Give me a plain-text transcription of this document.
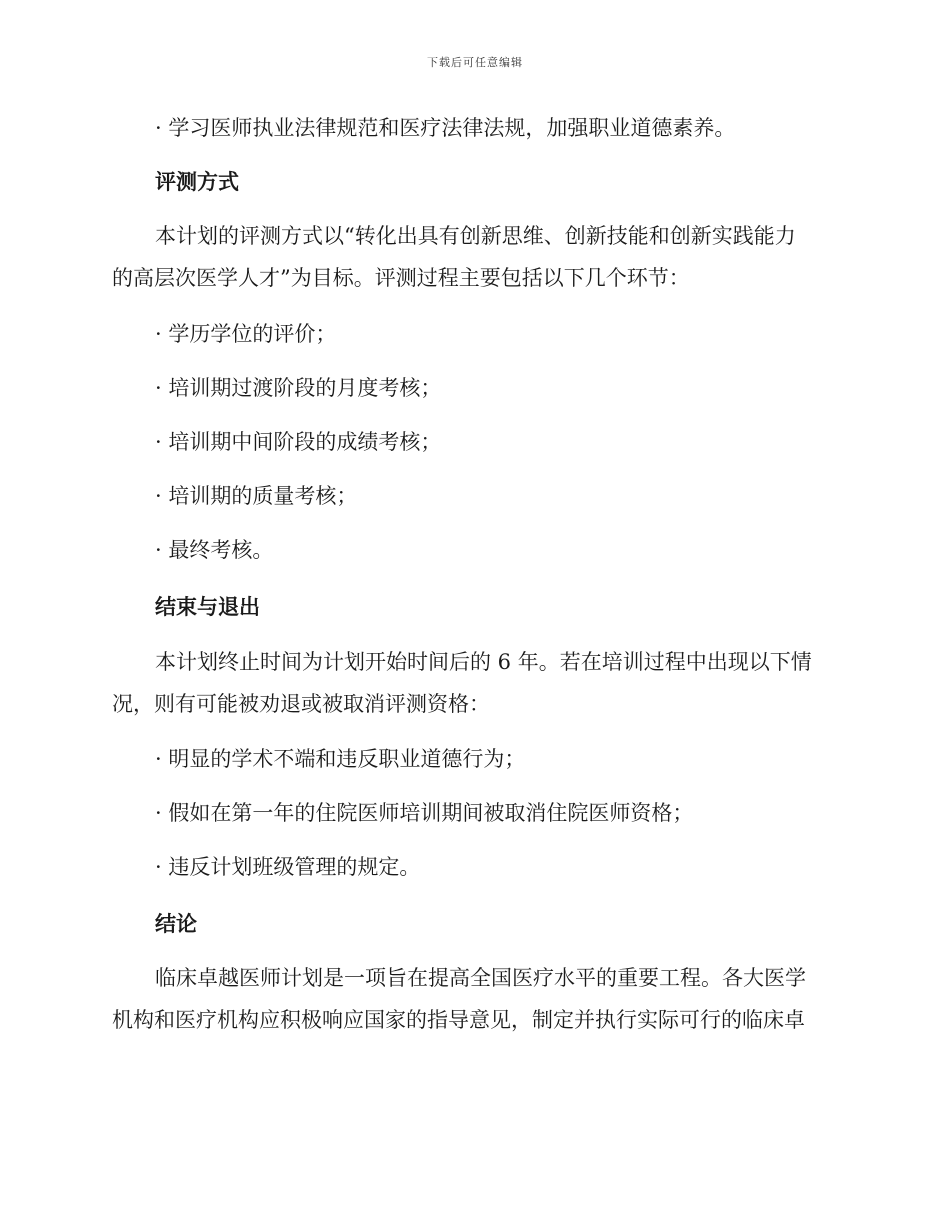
下载后可任意编辑
· 学习医师执业法律规范和医疗法律法规，加强职业道德素养。
评测方式
本计划的评测方式以“转化出具有创新思维、创新技能和创新实践能力
的高层次医学人才”为目标。评测过程主要包括以下几个环节：
· 学历学位的评价；
· 培训期过渡阶段的月度考核；
· 培训期中间阶段的成绩考核；
· 培训期的质量考核；
· 最终考核。
结束与退出
本计划终止时间为计划开始时间后的 6 年。若在培训过程中出现以下情
况，则有可能被劝退或被取消评测资格：
· 明显的学术不端和违反职业道德行为；
· 假如在第一年的住院医师培训期间被取消住院医师资格；
· 违反计划班级管理的规定。
结论
临床卓越医师计划是一项旨在提高全国医疗水平的重要工程。各大医学
机构和医疗机构应积极响应国家的指导意见，制定并执行实际可行的临床卓
